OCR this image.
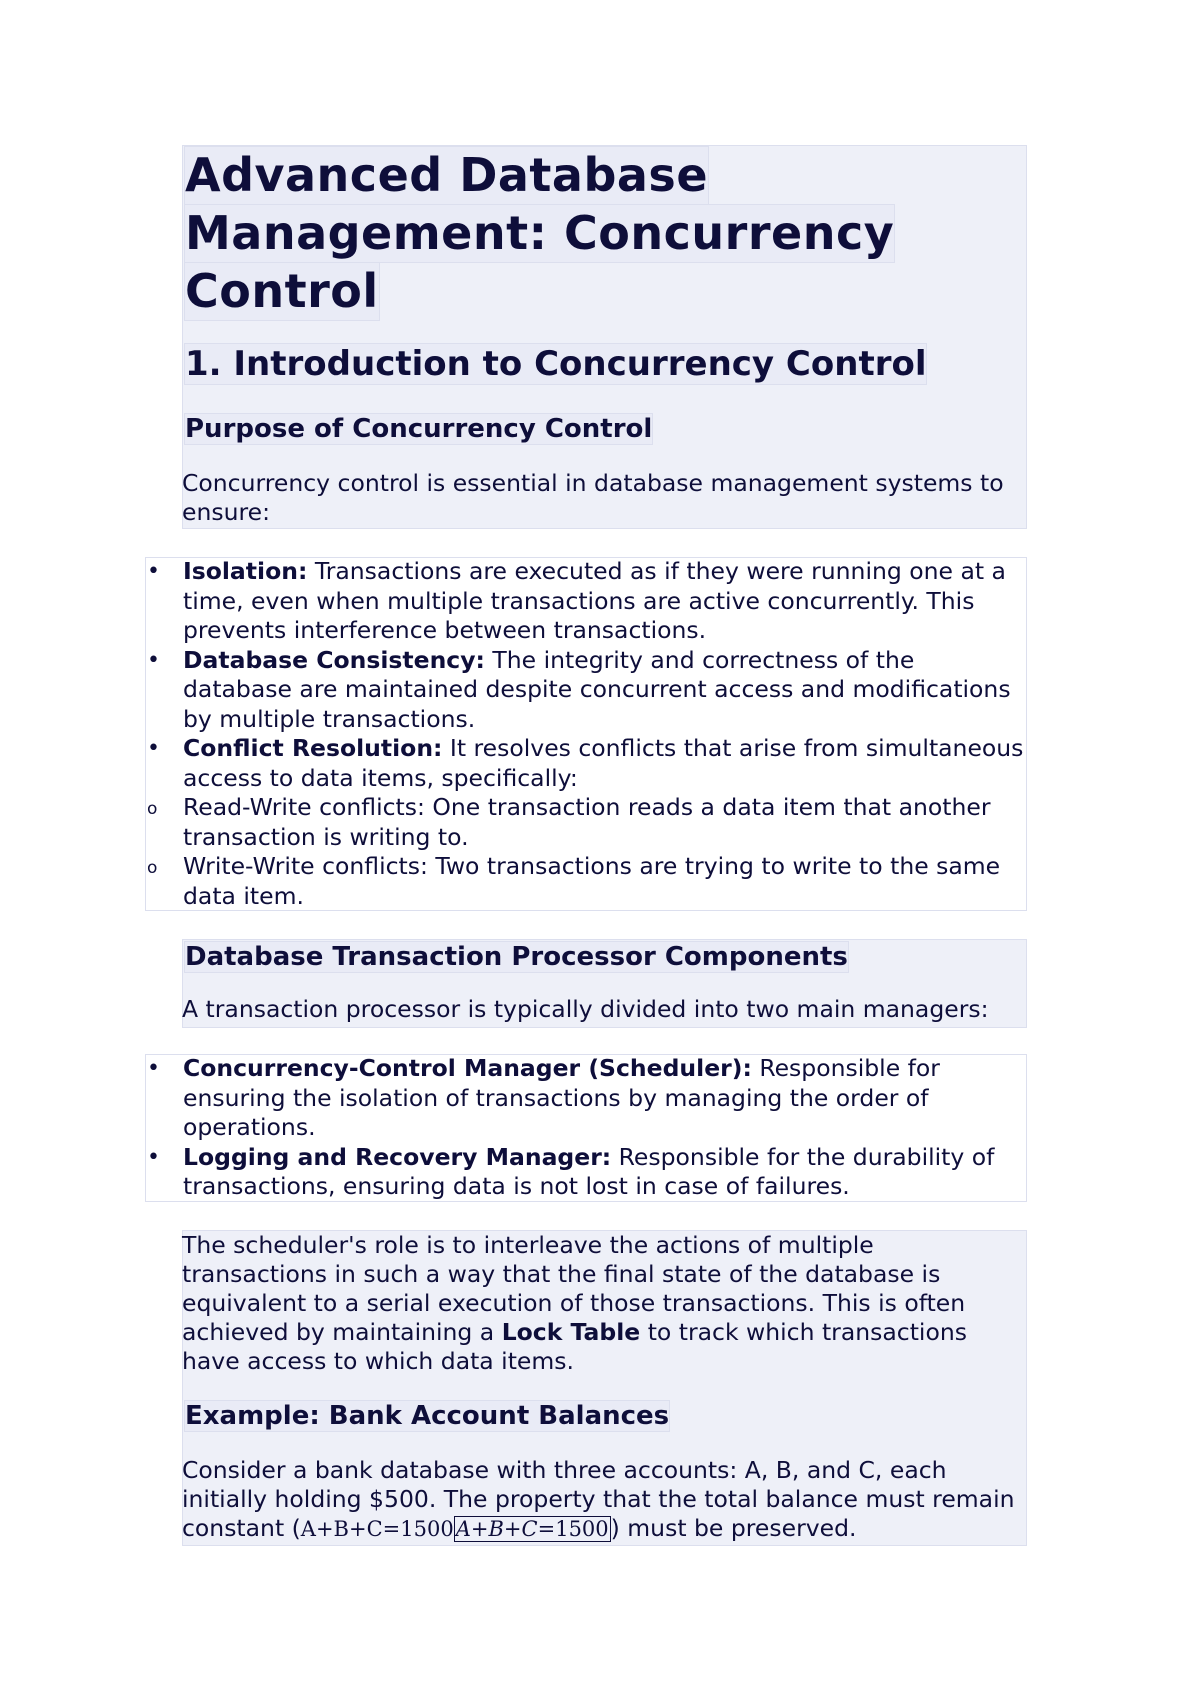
Advanced Database
Management: Concurrency
Control
1. Introduction to Concurrency Control
Purpose of Concurrency Control

Concurrency control is essential in database management systems to ensure:

• Isolation: Transactions are executed as if they were running one at a time, even when multiple transactions are active concurrently. This prevents interference between transactions.
• Database Consistency: The integrity and correctness of the database are maintained despite concurrent access and modifications by multiple transactions.
• Conflict Resolution: It resolves conflicts that arise from simultaneous access to data items, specifically:
o	Read-Write conflicts: One transaction reads a data item that another transaction is writing to.
o	Write-Write conflicts: Two transactions are trying to write to the same data item.
Database Transaction Processor Components

A transaction processor is typically divided into two main managers:

• Concurrency-Control Manager (Scheduler): Responsible for ensuring the isolation of transactions by managing the order of operations.
• Logging and Recovery Manager: Responsible for the durability of transactions, ensuring data is not lost in case of failures.

The scheduler's role is to interleave the actions of multiple transactions in such a way that the final state of the database is equivalent to a serial execution of those transactions. This is often achieved by maintaining a Lock Table to track which transactions have access to which data items.

Example: Bank Account Balances

Consider a bank database with three accounts: A, B, and C, each initially holding $500. The property that the total balance must remain constant (A+B+C=1500A+B+C=1500) must be preserved.
